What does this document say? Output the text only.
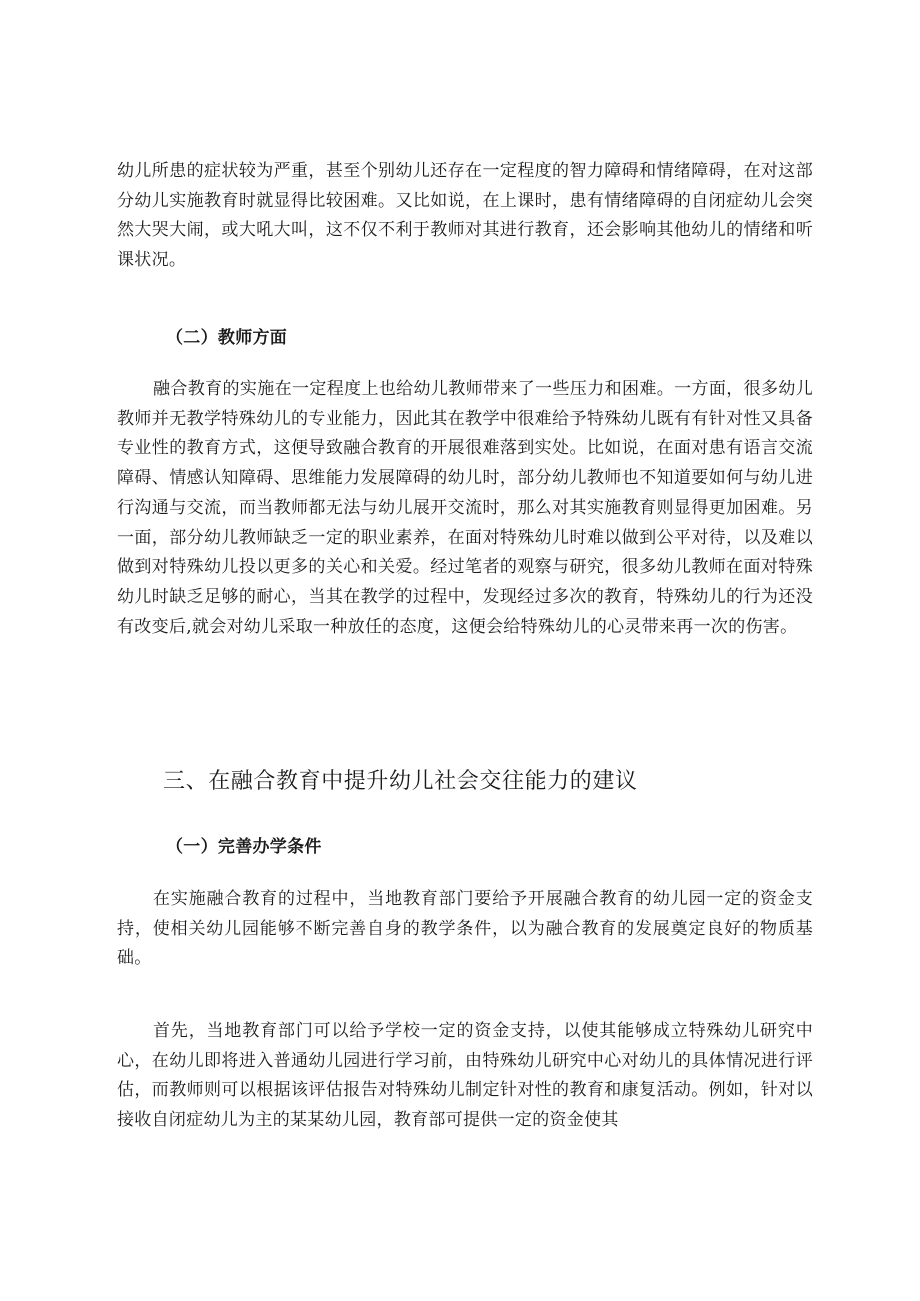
幼儿所患的症状较为严重，甚至个别幼儿还存在一定程度的智力障碍和情绪障碍，在对这部分幼儿实施教育时就显得比较困难。又比如说，在上课时，患有情绪障碍的自闭症幼儿会突然大哭大闹，或大吼大叫，这不仅不利于教师对其进行教育，还会影响其他幼儿的情绪和听课状况。

（二）教师方面

融合教育的实施在一定程度上也给幼儿教师带来了一些压力和困难。一方面，很多幼儿教师并无教学特殊幼儿的专业能力，因此其在教学中很难给予特殊幼儿既有有针对性又具备专业性的教育方式，这便导致融合教育的开展很难落到实处。比如说，在面对患有语言交流障碍、情感认知障碍、思维能力发展障碍的幼儿时，部分幼儿教师也不知道要如何与幼儿进行沟通与交流，而当教师都无法与幼儿展开交流时，那么对其实施教育则显得更加困难。另一面，部分幼儿教师缺乏一定的职业素养，在面对特殊幼儿时难以做到公平对待，以及难以做到对特殊幼儿投以更多的关心和关爱。经过笔者的观察与研究，很多幼儿教师在面对特殊幼儿时缺乏足够的耐心，当其在教学的过程中，发现经过多次的教育，特殊幼儿的行为还没有改变后,就会对幼儿采取一种放任的态度，这便会给特殊幼儿的心灵带来再一次的伤害。

三、在融合教育中提升幼儿社会交往能力的建议
（一）完善办学条件

在实施融合教育的过程中，当地教育部门要给予开展融合教育的幼儿园一定的资金支持，使相关幼儿园能够不断完善自身的教学条件，以为融合教育的发展奠定良好的物质基础。

首先，当地教育部门可以给予学校一定的资金支持，以使其能够成立特殊幼儿研究中心，在幼儿即将进入普通幼儿园进行学习前，由特殊幼儿研究中心对幼儿的具体情况进行评估，而教师则可以根据该评估报告对特殊幼儿制定针对性的教育和康复活动。例如，针对以接收自闭症幼儿为主的某某幼儿园，教育部可提供一定的资金使其
